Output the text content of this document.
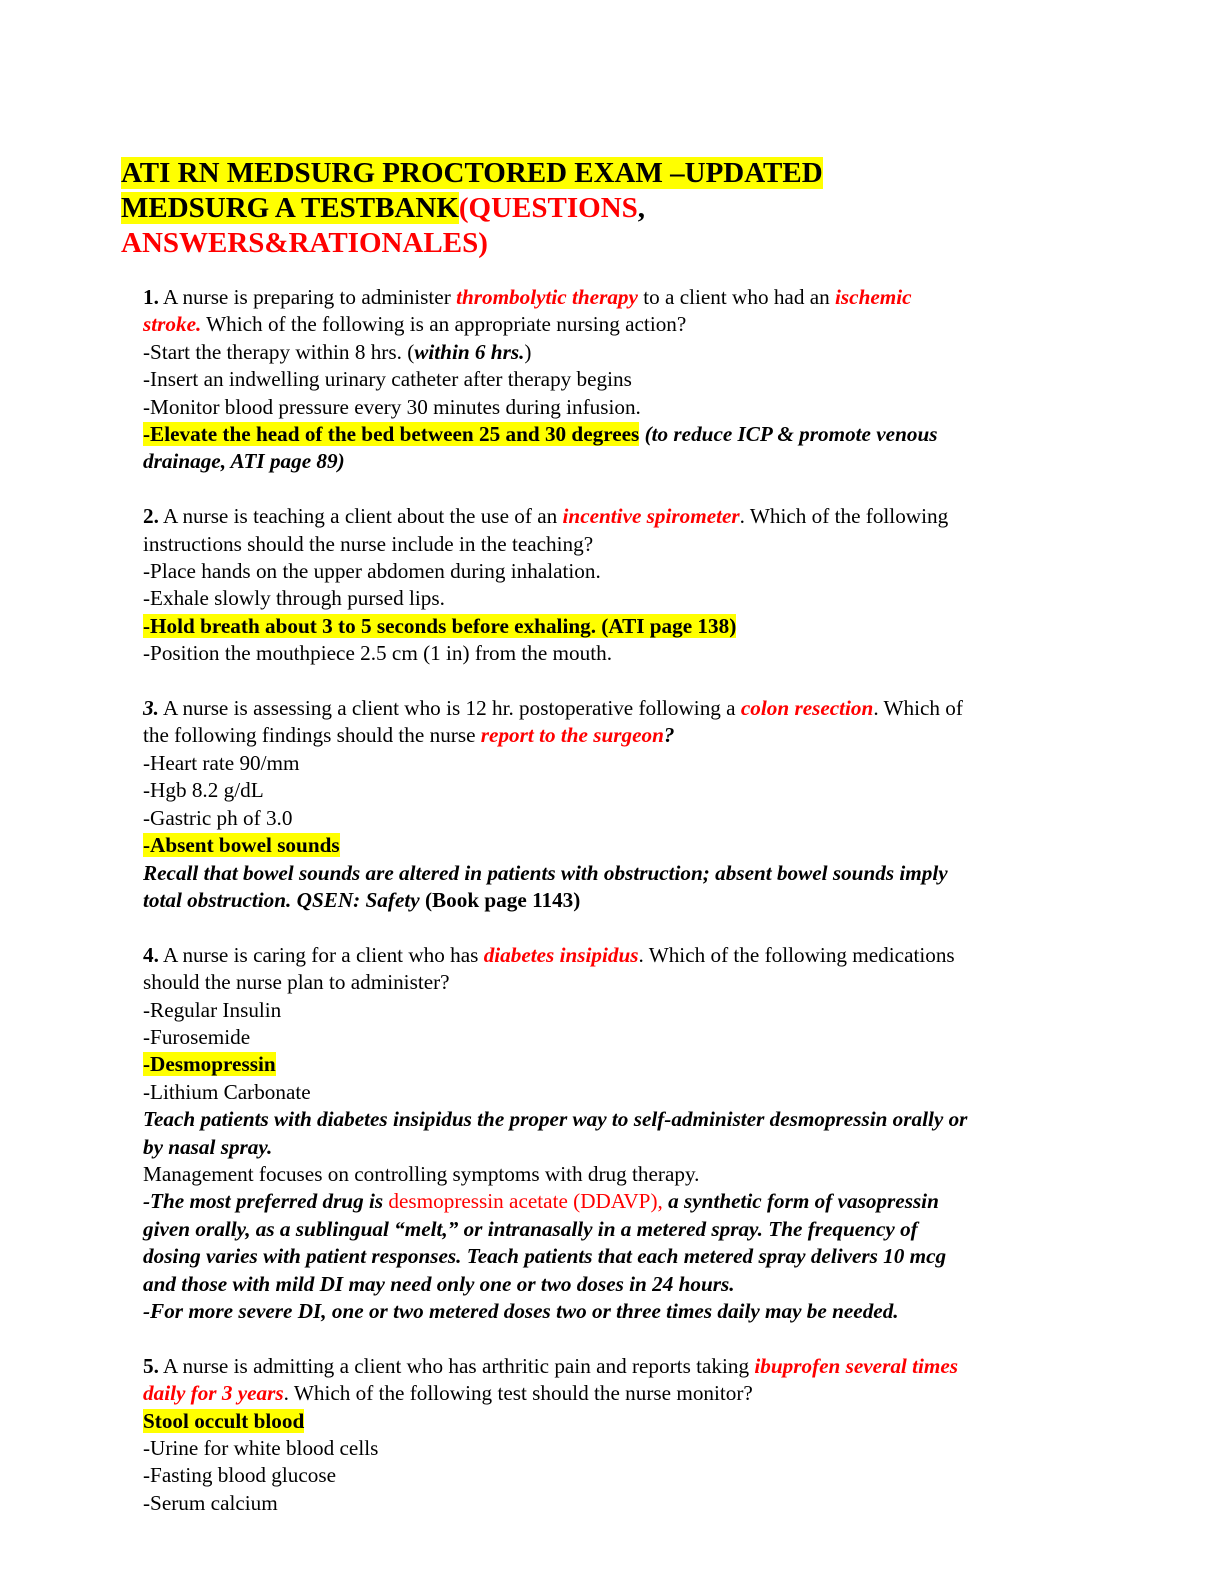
ATI RN MEDSURG PROCTORED EXAM –UPDATED
MEDSURG A TESTBANK(QUESTIONS,
ANSWERS&RATIONALES)
1. A nurse is preparing to administer thrombolytic therapy to a client who had an ischemic
stroke. Which of the following is an appropriate nursing action?
-Start the therapy within 8 hrs. (within 6 hrs.)
-Insert an indwelling urinary catheter after therapy begins
-Monitor blood pressure every 30 minutes during infusion.
-Elevate the head of the bed between 25 and 30 degrees (to reduce ICP & promote venous
drainage, ATI page 89)
2. A nurse is teaching a client about the use of an incentive spirometer. Which of the following
instructions should the nurse include in the teaching?
-Place hands on the upper abdomen during inhalation.
-Exhale slowly through pursed lips.
-Hold breath about 3 to 5 seconds before exhaling. (ATI page 138)
-Position the mouthpiece 2.5 cm (1 in) from the mouth.
3. A nurse is assessing a client who is 12 hr. postoperative following a colon resection. Which of
the following findings should the nurse report to the surgeon?
-Heart rate 90/mm
-Hgb 8.2 g/dL
-Gastric ph of 3.0
-Absent bowel sounds
Recall that bowel sounds are altered in patients with obstruction; absent bowel sounds imply
total obstruction. QSEN: Safety (Book page 1143)
4. A nurse is caring for a client who has diabetes insipidus. Which of the following medications
should the nurse plan to administer?
-Regular Insulin
-Furosemide
-Desmopressin
-Lithium Carbonate
Teach patients with diabetes insipidus the proper way to self-administer desmopressin orally or
by nasal spray.
Management focuses on controlling symptoms with drug therapy.
-The most preferred drug is desmopressin acetate (DDAVP), a synthetic form of vasopressin
given orally, as a sublingual “melt,” or intranasally in a metered spray. The frequency of
dosing varies with patient responses. Teach patients that each metered spray delivers 10 mcg
and those with mild DI may need only one or two doses in 24 hours.
-For more severe DI, one or two metered doses two or three times daily may be needed.
5. A nurse is admitting a client who has arthritic pain and reports taking ibuprofen several times
daily for 3 years. Which of the following test should the nurse monitor?
Stool occult blood
-Urine for white blood cells
-Fasting blood glucose
-Serum calcium
